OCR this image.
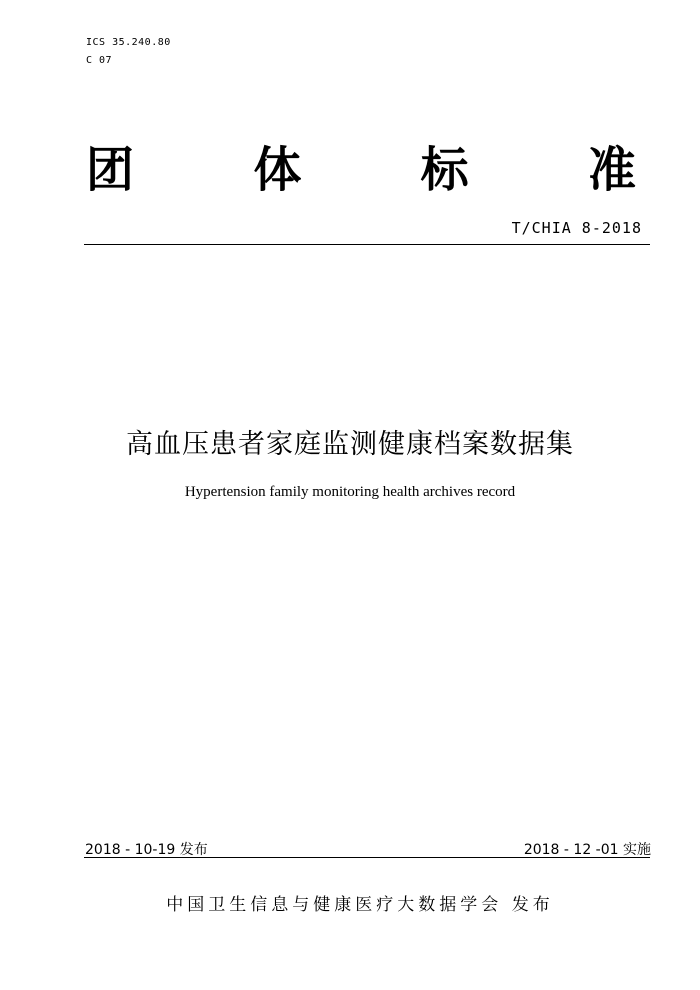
ICS 35.240.80
C 07
团 体 标 准
T/CHIA 8-2018
高血压患者家庭监测健康档案数据集
Hypertension family monitoring health archives record
2018 - 10-19 发布	2018 - 12 -01 实施
中国卫生信息与健康医疗大数据学会 发布
